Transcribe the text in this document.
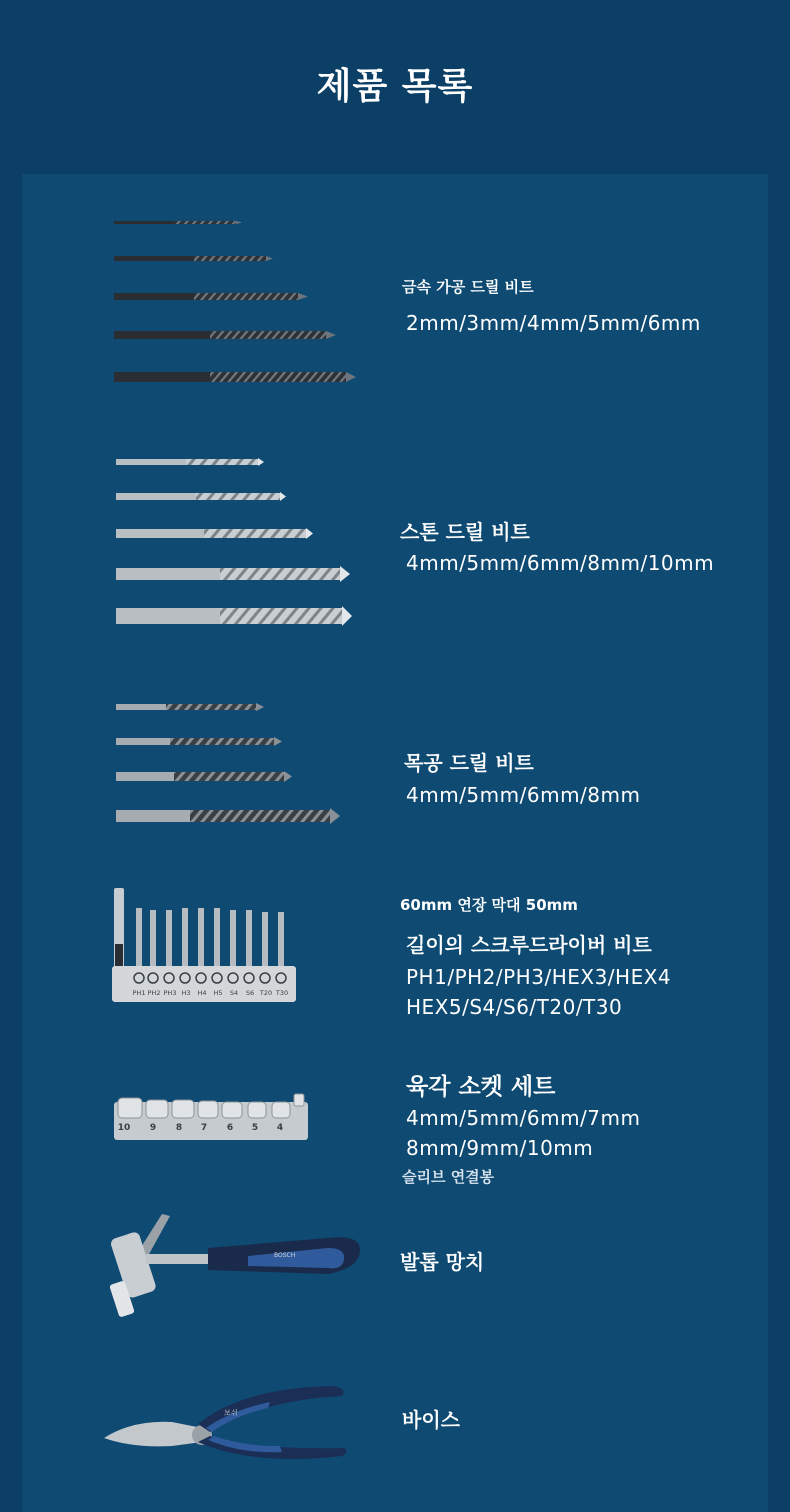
제품 목록
금속 가공 드릴 비트
2mm/3mm/4mm/5mm/6mm
스톤 드릴 비트
4mm/5mm/6mm/8mm/10mm
목공 드릴 비트
4mm/5mm/6mm/8mm
PH1 PH2 PH3 H3 H4 H5 S4 S6 T20 T30
60mm 연장 막대 50mm
길이의 스크루드라이버 비트
PH1/PH2/PH3/HEX3/HEX4
HEX5/S4/S6/T20/T30
10 9 8 7 6 5 4
육각 소켓 세트
4mm/5mm/6mm/7mm
8mm/9mm/10mm
슬리브 연결봉
BOSCH	발톱 망치
보쉬	바이스
